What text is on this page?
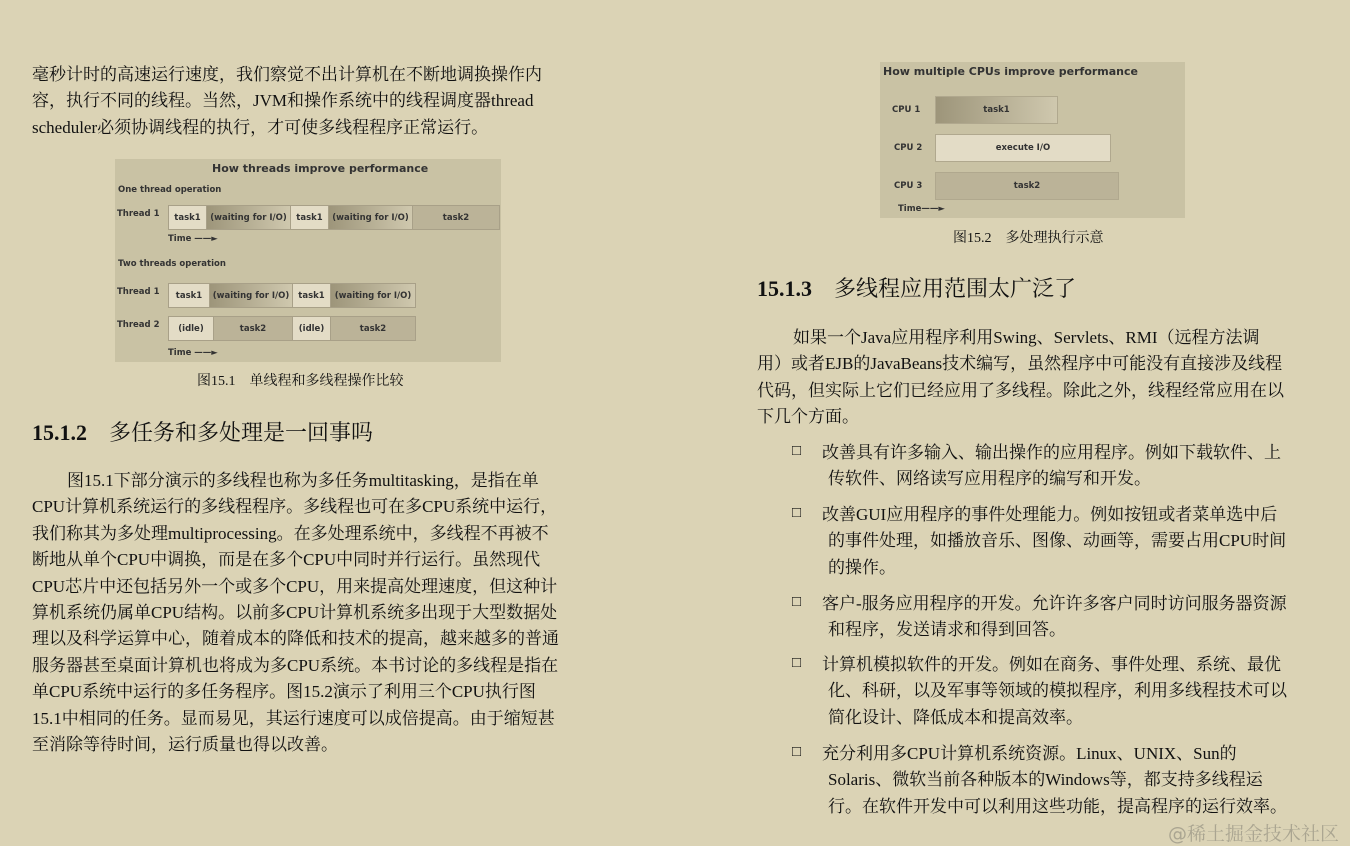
毫秒计时的高速运行速度，我们察觉不出计算机在不断地调换操作内
容，执行不同的线程。当然，JVM和操作系统中的线程调度器thread
scheduler必须协调线程的执行，才可使多线程程序正常运行。
How threads improve performance
One thread operation
Thread 1	task1	(waiting for I/O)	task1	(waiting for I/O)	task2
Time ——►
Two threads operation
Thread 1	task1	(waiting for I/O)	task1	(waiting for I/O)
Thread 2	(idle)	task2	(idle)	task2
Time ——►
图15.1　单线程和多线程操作比较
15.1.2 多任务和多处理是一回事吗
图15.1下部分演示的多线程也称为多任务multitasking，是指在单
CPU计算机系统运行的多线程程序。多线程也可在多CPU系统中运行，
我们称其为多处理multiprocessing。在多处理系统中，多线程不再被不
断地从单个CPU中调换，而是在多个CPU中同时并行运行。虽然现代
CPU芯片中还包括另外一个或多个CPU，用来提高处理速度，但这种计
算机系统仍属单CPU结构。以前多CPU计算机系统多出现于大型数据处
理以及科学运算中心，随着成本的降低和技术的提高，越来越多的普通
服务器甚至桌面计算机也将成为多CPU系统。本书讨论的多线程是指在
单CPU系统中运行的多任务程序。图15.2演示了利用三个CPU执行图
15.1中相同的任务。显而易见，其运行速度可以成倍提高。由于缩短甚
至消除等待时间，运行质量也得以改善。
How multiple CPUs improve performance
CPU 1	task1
CPU 2	execute I/O
CPU 3	task2
Time——►
图15.2　多处理执行示意
15.1.3 多线程应用范围太广泛了
如果一个Java应用程序利用Swing、Servlets、RMI（远程方法调
用）或者EJB的JavaBeans技术编写，虽然程序中可能没有直接涉及线程
代码，但实际上它们已经应用了多线程。除此之外，线程经常应用在以
下几个方面。
□ 改善具有许多输入、输出操作的应用程序。例如下载软件、上
传软件、网络读写应用程序的编写和开发。
□ 改善GUI应用程序的事件处理能力。例如按钮或者菜单选中后
的事件处理，如播放音乐、图像、动画等，需要占用CPU时间
的操作。
□ 客户-服务应用程序的开发。允许许多客户同时访问服务器资源
和程序，发送请求和得到回答。
□ 计算机模拟软件的开发。例如在商务、事件处理、系统、最优
化、科研，以及军事等领域的模拟程序，利用多线程技术可以
简化设计、降低成本和提高效率。
□ 充分利用多CPU计算机系统资源。Linux、UNIX、Sun的
Solaris、微软当前各种版本的Windows等，都支持多线程运
行。在软件开发中可以利用这些功能，提高程序的运行效率。
@稀土掘金技术社区
